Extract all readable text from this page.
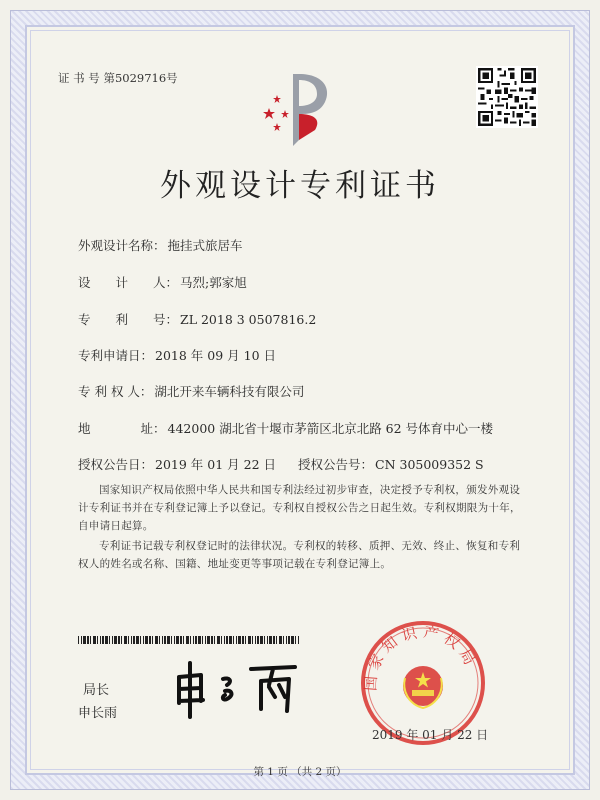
证 书 号 第5029716号
外观设计专利证书
外观设计名称： 拖挂式旅居车
设　　计　　人： 马烈;郭家旭
专　　利　　号： ZL 2018 3 0507816.2
专利申请日： 2018 年 09 月 10 日
专 利 权 人： 湖北开来车辆科技有限公司
地　　　　址： 442000 湖北省十堰市茅箭区北京北路 62 号体育中心一楼
授权公告日： 2019 年 01 月 22 日 授权公告号： CN 305009352 S
国家知识产权局依照中华人民共和国专利法经过初步审查，决定授予专利权，颁发外观设计专利证书并在专利登记簿上予以登记。专利权自授权公告之日起生效。专利权期限为十年，自申请日起算。
专利证书记载专利权登记时的法律状况。专利权的转移、质押、无效、终止、恢复和专利权人的姓名或名称、国籍、地址变更等事项记载在专利登记簿上。
局长
申长雨
国家知识产权局
2019 年 01 月 22 日
第 1 页 （共 2 页）
